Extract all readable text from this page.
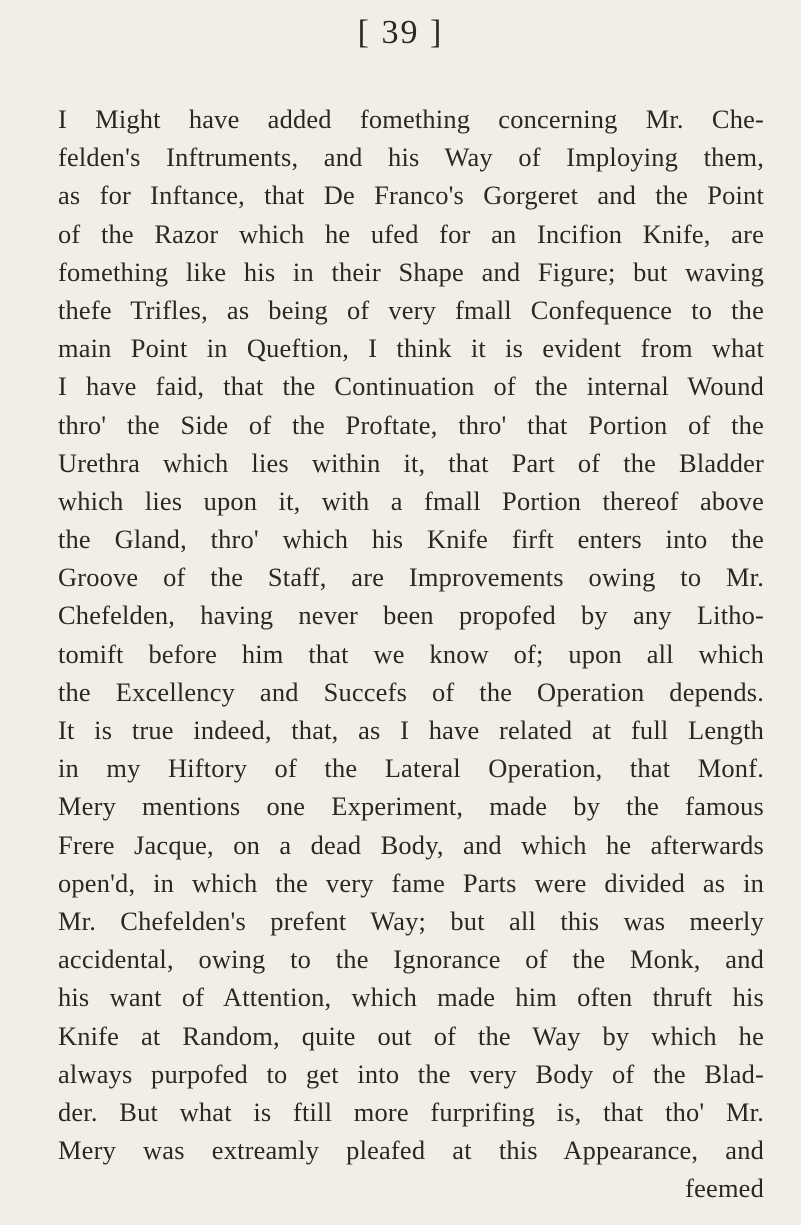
[ 39 ]
I Might have added fomething concerning Mr. Che-
felden's Inftruments, and his Way of Imploying them,
as for Inftance, that De Franco's Gorgeret and the Point
of the Razor which he ufed for an Incifion Knife, are
fomething like his in their Shape and Figure; but waving
thefe Trifles, as being of very fmall Confequence to the
main Point in Queftion, I think it is evident from what
I have faid, that the Continuation of the internal Wound
thro' the Side of the Proftate, thro' that Portion of the
Urethra which lies within it, that Part of the Bladder
which lies upon it, with a fmall Portion thereof above
the Gland, thro' which his Knife firft enters into the
Groove of the Staff, are Improvements owing to Mr.
Chefelden, having never been propofed by any Litho-
tomift before him that we know of; upon all which
the Excellency and Succefs of the Operation depends.
It is true indeed, that, as I have related at full Length
in my Hiftory of the Lateral Operation, that Monf.
Mery mentions one Experiment, made by the famous
Frere Jacque, on a dead Body, and which he afterwards
open'd, in which the very fame Parts were divided as in
Mr. Chefelden's prefent Way; but all this was meerly
accidental, owing to the Ignorance of the Monk, and
his want of Attention, which made him often thruft his
Knife at Random, quite out of the Way by which he
always purpofed to get into the very Body of the Blad-
der. But what is ftill more furprifing is, that tho' Mr.
Mery was extreamly pleafed at this Appearance, and
feemed
